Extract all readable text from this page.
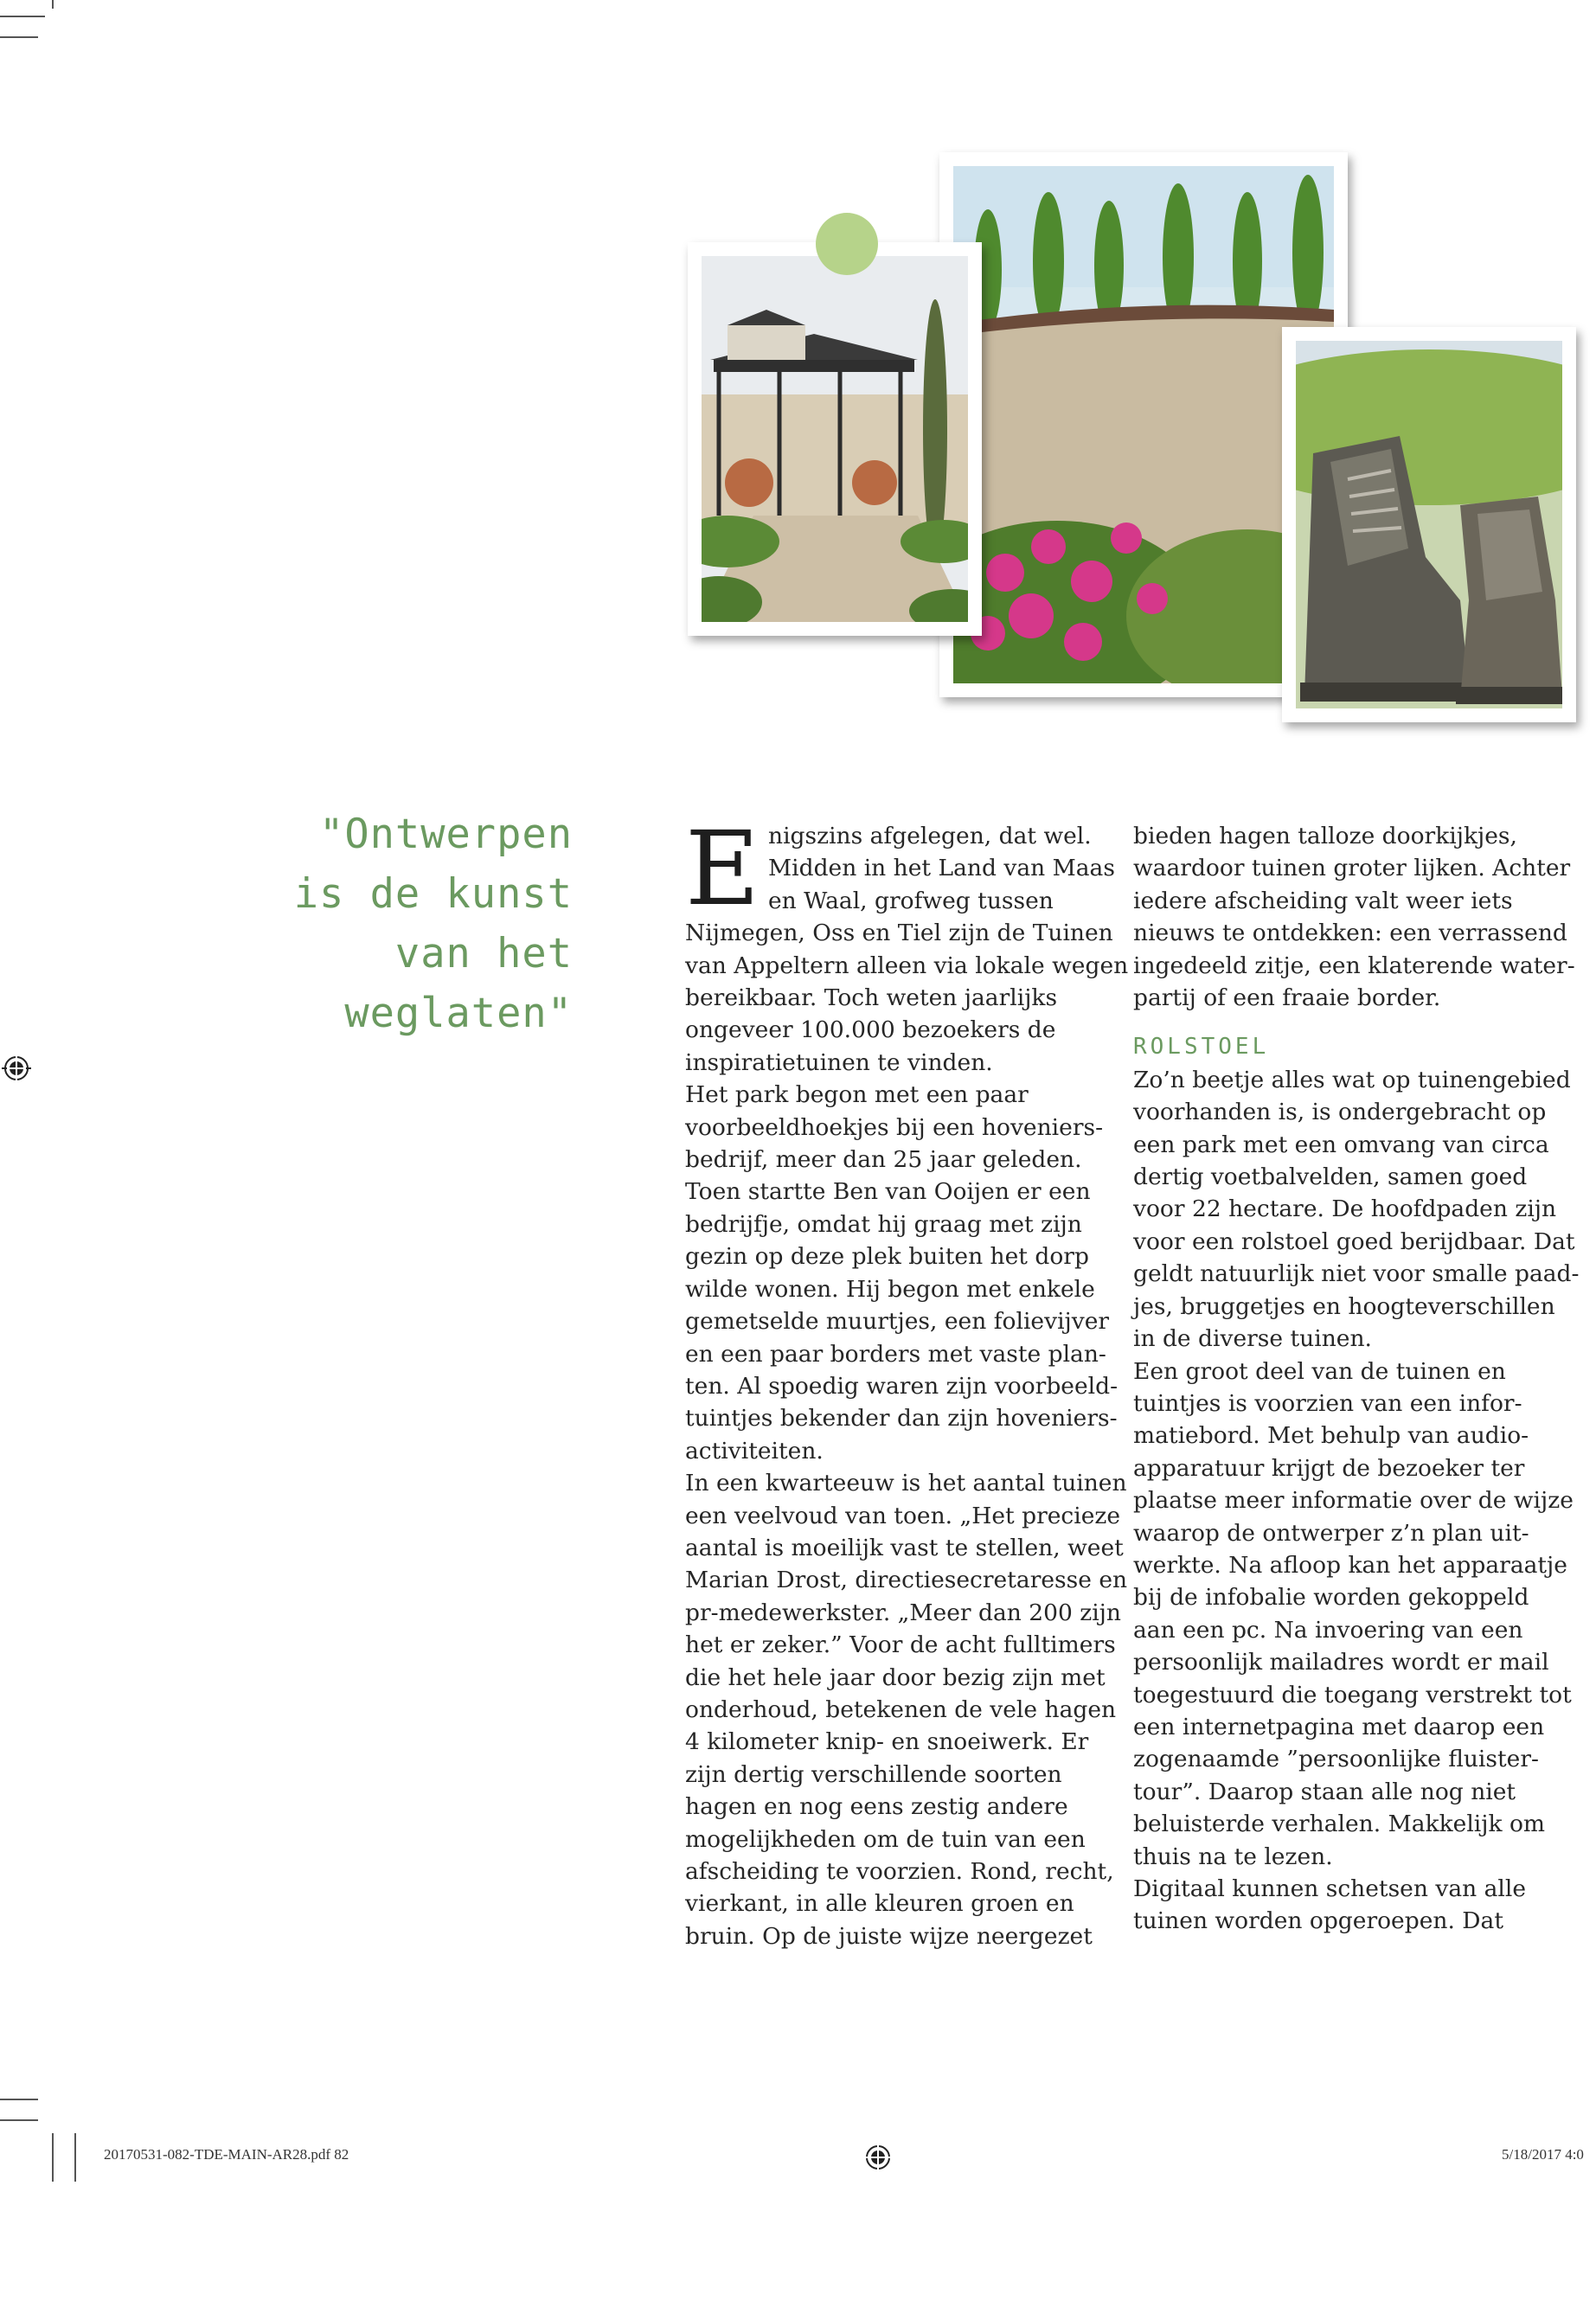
"Ontwerpen
is de kunst
van het
weglaten"
E nigszins afgelegen, dat wel.
Midden in het Land van Maas
en Waal, grofweg tussen
Nijmegen, Oss en Tiel zijn de Tuinen
van Appeltern alleen via lokale wegen
bereikbaar. Toch weten jaarlijks
ongeveer 100.000 bezoekers de
inspiratietuinen te vinden.
Het park begon met een paar
voorbeeldhoekjes bij een hoveniers-
bedrijf, meer dan 25 jaar geleden.
Toen startte Ben van Ooijen er een
bedrijfje, omdat hij graag met zijn
gezin op deze plek buiten het dorp
wilde wonen. Hij begon met enkele
gemetselde muurtjes, een folievijver
en een paar borders met vaste plan-
ten. Al spoedig waren zijn voorbeeld-
tuintjes bekender dan zijn hoveniers-
activiteiten.
In een kwarteeuw is het aantal tuinen
een veelvoud van toen. „Het precieze
aantal is moeilijk vast te stellen, weet
Marian Drost, directiesecretaresse en
pr-medewerkster. „Meer dan 200 zijn
het er zeker.” Voor de acht fulltimers
die het hele jaar door bezig zijn met
onderhoud, betekenen de vele hagen
4 kilometer knip- en snoeiwerk. Er
zijn dertig verschillende soorten
hagen en nog eens zestig andere
mogelijkheden om de tuin van een
afscheiding te voorzien. Rond, recht,
vierkant, in alle kleuren groen en
bruin. Op de juiste wijze neergezet
bieden hagen talloze doorkijkjes,
waardoor tuinen groter lijken. Achter
iedere afscheiding valt weer iets
nieuws te ontdekken: een verrassend
ingedeeld zitje, een klaterende water-
partij of een fraaie border.
ROLSTOEL
Zo’n beetje alles wat op tuinengebied
voorhanden is, is ondergebracht op
een park met een omvang van circa
dertig voetbalvelden, samen goed
voor 22 hectare. De hoofdpaden zijn
voor een rolstoel goed berijdbaar. Dat
geldt natuurlijk niet voor smalle paad-
jes, bruggetjes en hoogteverschillen
in de diverse tuinen.
Een groot deel van de tuinen en
tuintjes is voorzien van een infor-
matiebord. Met behulp van audio-
apparatuur krijgt de bezoeker ter
plaatse meer informatie over de wijze
waarop de ontwerper z’n plan uit-
werkte. Na afloop kan het apparaatje
bij de infobalie worden gekoppeld
aan een pc. Na invoering van een
persoonlijk mailadres wordt er mail
toegestuurd die toegang verstrekt tot
een internetpagina met daarop een
zogenaamde ”persoonlijke fluister-
tour”. Daarop staan alle nog niet
beluisterde verhalen. Makkelijk om
thuis na te lezen.
Digitaal kunnen schetsen van alle
tuinen worden opgeroepen. Dat
20170531-082-TDE-MAIN-AR28.pdf 82	5/18/2017 4:0
